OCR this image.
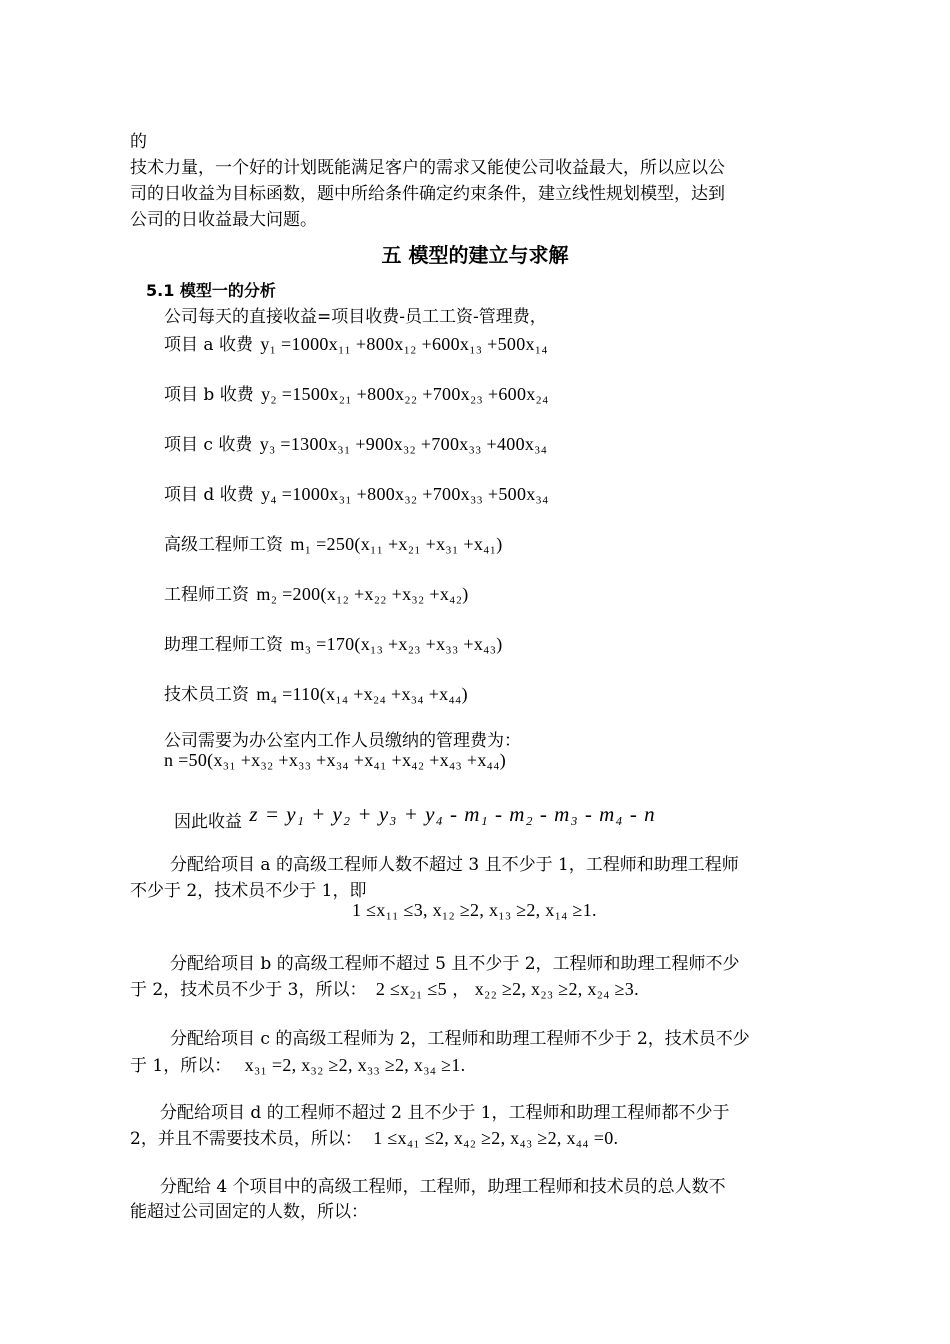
的
技术力量，一个好的计划既能满足客户的需求又能使公司收益最大，所以应以公
司的日收益为目标函数，题中所给条件确定约束条件，建立线性规划模型，达到
公司的日收益最大问题。
五 模型的建立与求解
5.1 模型一的分析
公司每天的直接收益=项目收费-员工工资-管理费，
项目 a 收费 y₁ =1000x₁₁ +800x₁₂ +600x₁₃ +500x₁₄
项目 b 收费 y₂ =1500x₂₁ +800x₂₂ +700x₂₃ +600x₂₄
项目 c 收费 y₃ =1300x₃₁ +900x₃₂ +700x₃₃ +400x₃₄
项目 d 收费 y₄ =1000x₃₁ +800x₃₂ +700x₃₃ +500x₃₄
高级工程师工资 m₁ =250(x₁₁ +x₂₁ +x₃₁ +x₄₁)
工程师工资 m₂ =200(x₁₂ +x₂₂ +x₃₂ +x₄₂)
助理工程师工资 m₃ =170(x₁₃ +x₂₃ +x₃₃ +x₄₃)
技术员工资 m₄ =110(x₁₄ +x₂₄ +x₃₄ +x₄₄)
公司需要为办公室内工作人员缴纳的管理费为：
n =50(x₃₁ +x₃₂ +x₃₃ +x₃₄ +x₄₁ +x₄₂ +x₄₃ +x₄₄)
因此收益 z = y₁ + y₂ + y₃ + y₄ - m₁ - m₂ - m₃ - m₄ - n
分配给项目 a 的高级工程师人数不超过 3 且不少于 1，工程师和助理工程师
不少于 2，技术员不少于 1，即
1 ≤x₁₁ ≤3, x₁₂ ≥2, x₁₃ ≥2, x₁₄ ≥1.
分配给项目 b 的高级工程师不超过 5 且不少于 2，工程师和助理工程师不少
于 2，技术员不少于 3，所以： 2 ≤x₂₁ ≤5 ， x₂₂ ≥2, x₂₃ ≥2, x₂₄ ≥3.
分配给项目 c 的高级工程师为 2，工程师和助理工程师不少于 2，技术员不少
于 1，所以： x₃₁ =2, x₃₂ ≥2, x₃₃ ≥2, x₃₄ ≥1.
分配给项目 d 的工程师不超过 2 且不少于 1，工程师和助理工程师都不少于
2，并且不需要技术员，所以： 1 ≤x₄₁ ≤2, x₄₂ ≥2, x₄₃ ≥2, x₄₄ =0.
分配给 4 个项目中的高级工程师，工程师，助理工程师和技术员的总人数不
能超过公司固定的人数，所以：
